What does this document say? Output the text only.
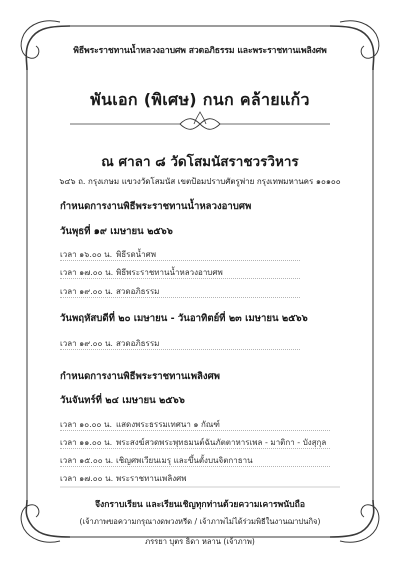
พิธีพระราชทานน้ำหลวงอาบศพ สวดอภิธรรม และพระราชทานเพลิงศพ
พันเอก (พิเศษ) กนก คล้ายแก้ว
ณ ศาลา ๘ วัดโสมนัสราชวรวิหาร
๖๔๖ ถ. กรุงเกษม แขวงวัดโสมนัส เขตป้อมปราบศัตรูพ่าย กรุงเทพมหานคร ๑๐๑๐๐
กำหนดการงานพิธีพระราชทานน้ำหลวงอาบศพ
วันพุธที่ ๑๙ เมษายน ๒๕๖๖
เวลา ๑๖.๐๐ น. พิธีรดน้ำศพ
เวลา ๑๗.๐๐ น. พิธีพระราชทานน้ำหลวงอาบศพ
เวลา ๑๙.๐๐ น. สวดอภิธรรม
วันพฤหัสบดีที่ ๒๐ เมษายน - วันอาทิตย์ที่ ๒๓ เมษายน ๒๕๖๖
เวลา ๑๙.๐๐ น. สวดอภิธรรม
กำหนดการงานพิธีพระราชทานเพลิงศพ
วันจันทร์ที่ ๒๔ เมษายน ๒๕๖๖
เวลา ๑๐.๐๐ น. แสดงพระธรรมเทศนา ๑ กัณฑ์
เวลา ๑๑.๐๐ น. พระสงฆ์สวดพระพุทธมนต์ฉันภัตตาหารเพล - มาติกา - บังสุกุล
เวลา ๑๕.๐๐ น. เชิญศพเวียนเมรุ และขึ้นตั้งบนจิตกาธาน
เวลา ๑๗.๐๐ น. พระราชทานเพลิงศพ
จึงกราบเรียน และเรียนเชิญทุกท่านด้วยความเคารพนับถือ
(เจ้าภาพขอความกรุณางดพวงหรีด / เจ้าภาพไม่ได้ร่วมพิธีในงานฌาปนกิจ)
ภรรยา บุตร ธิดา หลาน (เจ้าภาพ)
